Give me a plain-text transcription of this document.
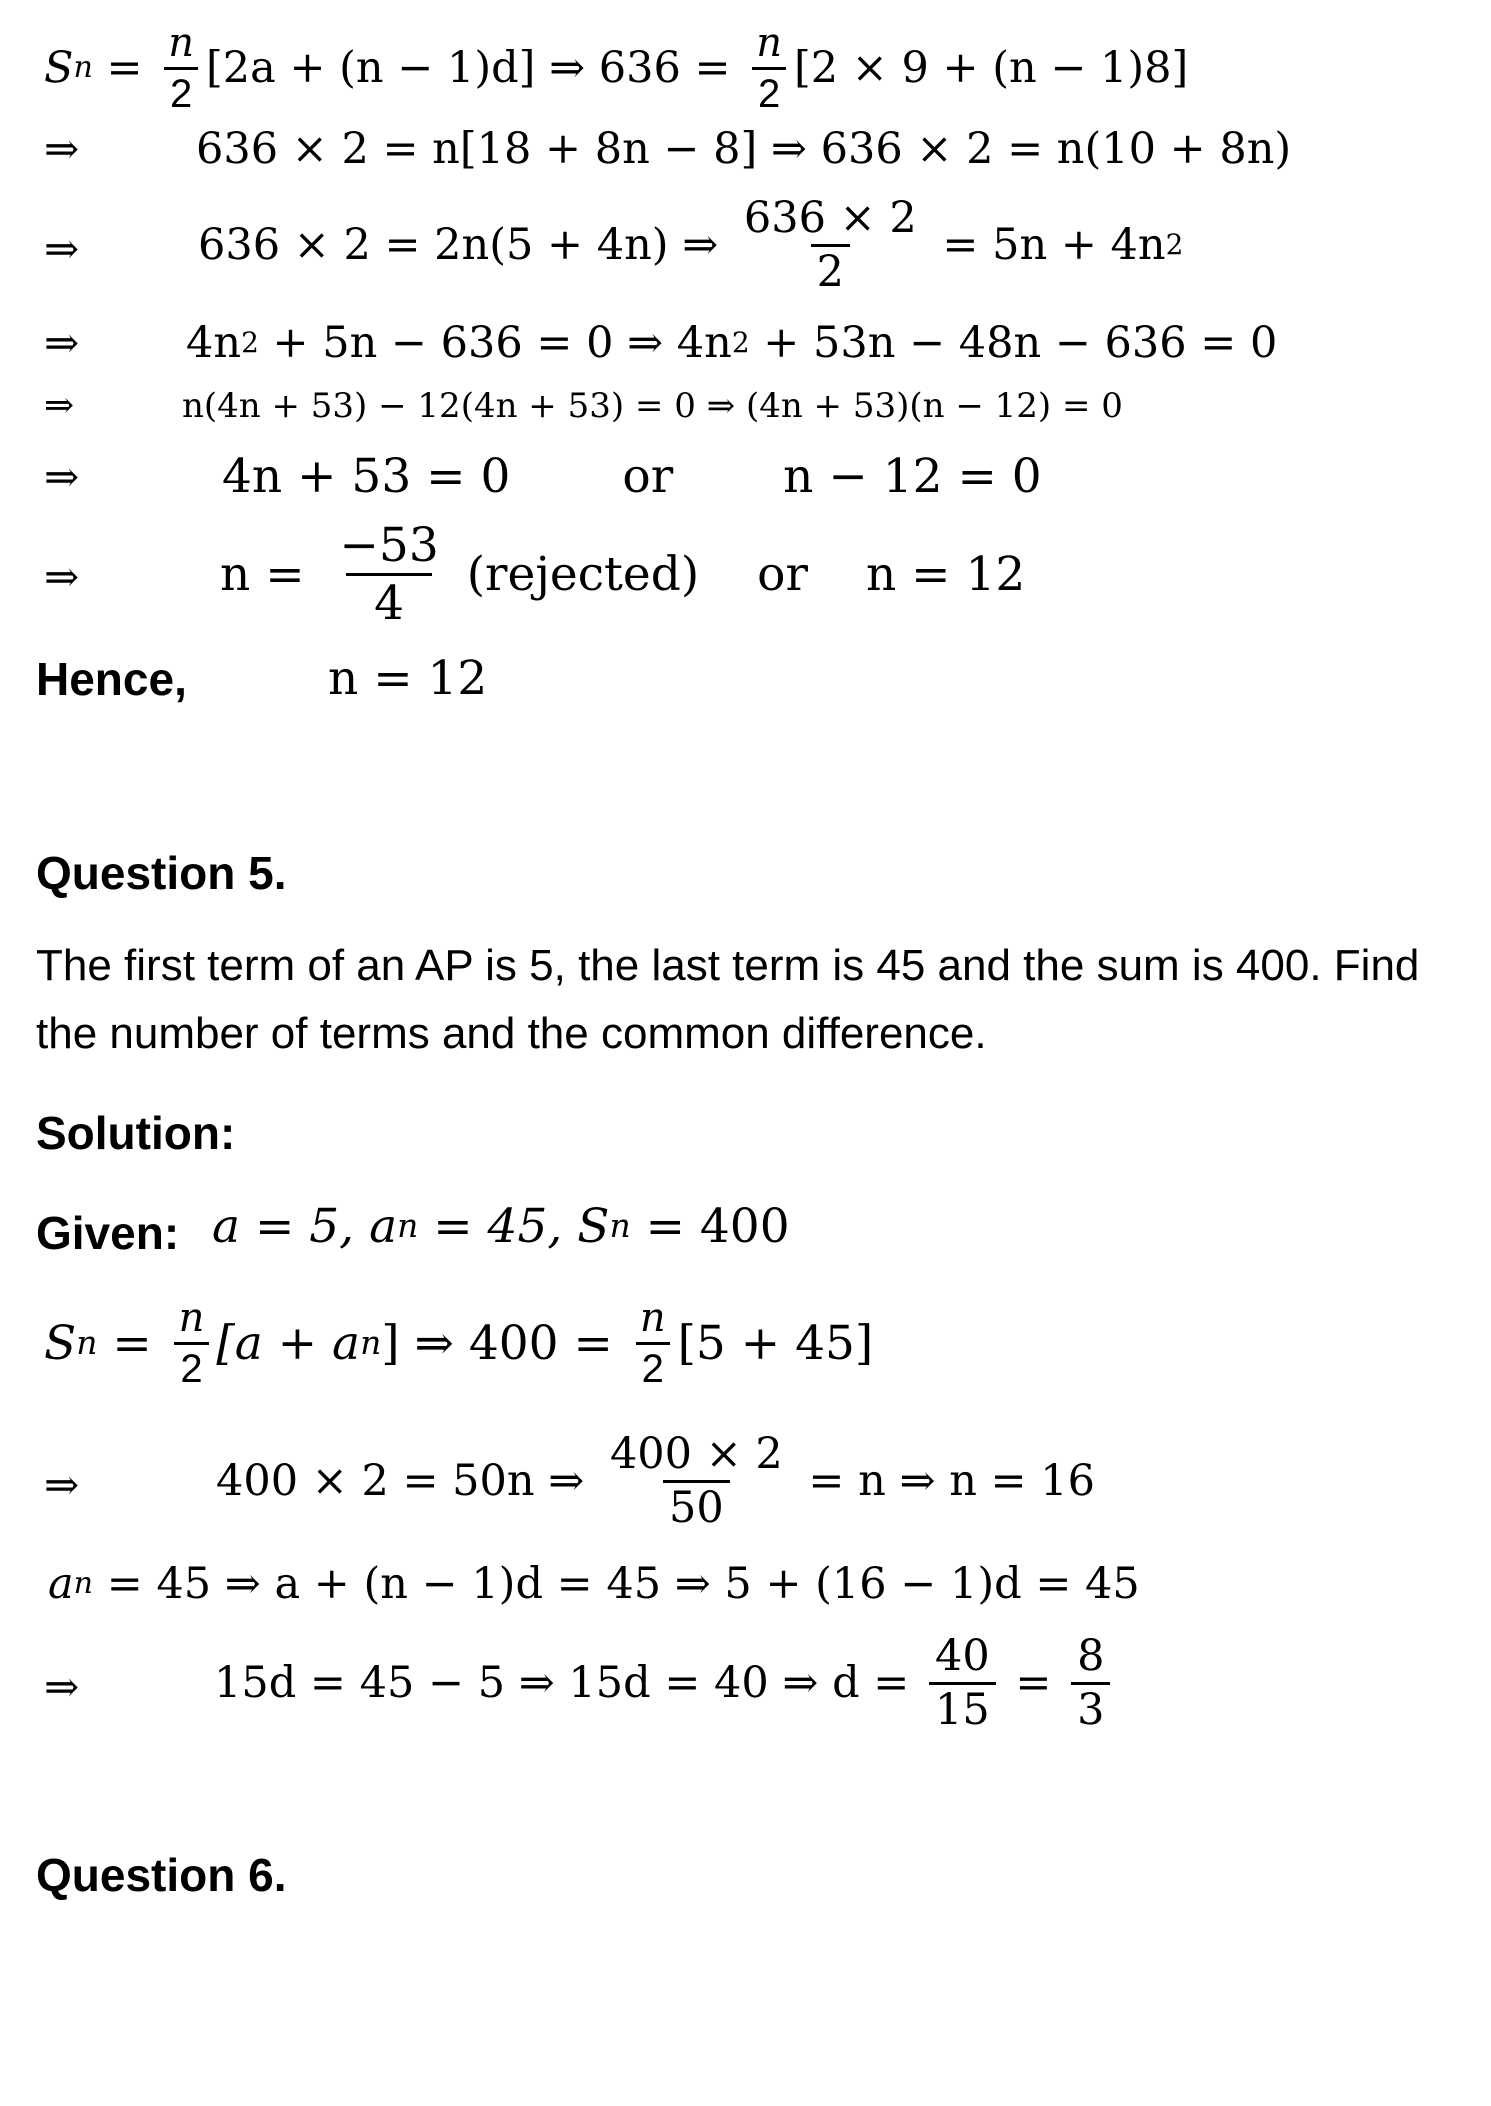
S $n = \frac{n}{2} [2a + (n - 1)d]$ ⇒ $636 = \frac{n}{2} [2 \times 9 + (n - 1)8]$
⇒	636 × 2 = n[18 + 8n − 8] ⇒ 636 × 2 = n(10 + 8n)
⇒	636 × 2 = 2n(5 + 4n) ⇒ $\frac{636 \times 2}{2} = 5n + 4n$ 2
⇒ 4n 2 + 5n − 636 = 0 ⇒ 4n 2 + 53n − 48n − 636 = 0
⇒	n(4n + 53) − 12(4n + 53) = 0 ⇒ (4n + 53)(n − 12) = 0
⇒	4n + 53 = 0 or n − 12 = 0
⇒	$n = \frac{-53}{4}$ (rejected) or n = 12
Hence,	n = 12
Question 5.
The first term of an AP is 5, the last term is 45 and the sum is 400. Find the number of terms and the common difference.
Solution:
Given: a = 5, a n = 45, S n = 400
S $n = \frac{n}{2} [a + a$ n ] ⇒ $400 = \frac{n}{2} [5 + 45]$
⇒	400 × 2 = 50n ⇒ $\frac{400 \times 2}{50} = n$ ⇒ n = 16
a n = 45 ⇒ a + (n − 1)d = 45 ⇒ 5 + (16 − 1)d = 45
⇒	15d = 45 − 5 ⇒ 15d = 40 ⇒ $d = \frac{40}{15} = \frac{8}{3}$
Question 6.
